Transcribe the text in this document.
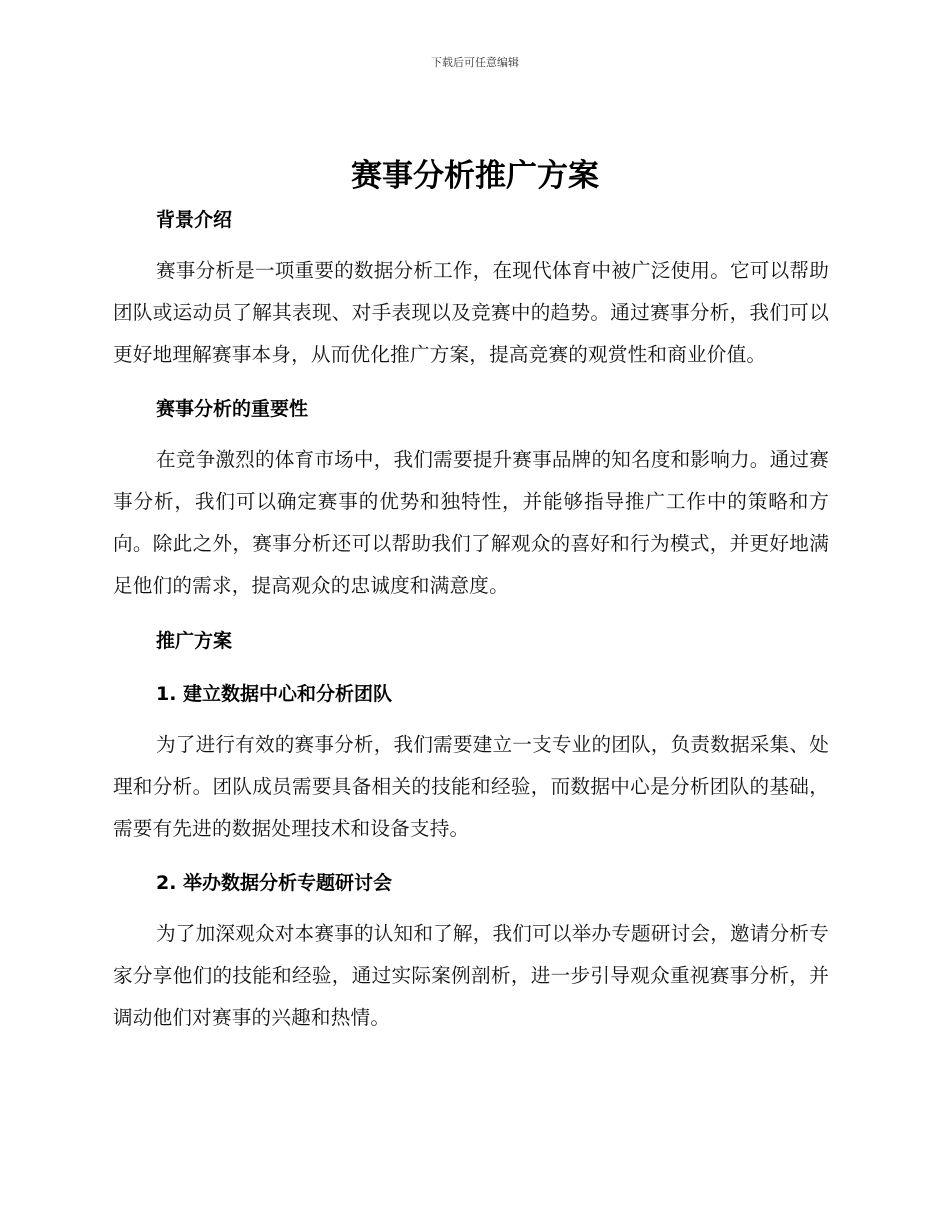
下载后可任意编辑
赛事分析推广方案
背景介绍

赛事分析是一项重要的数据分析工作，在现代体育中被广泛使用。它可以帮助团队或运动员了解其表现、对手表现以及竞赛中的趋势。通过赛事分析，我们可以更好地理解赛事本身，从而优化推广方案，提高竞赛的观赏性和商业价值。

赛事分析的重要性

在竞争激烈的体育市场中，我们需要提升赛事品牌的知名度和影响力。通过赛事分析，我们可以确定赛事的优势和独特性，并能够指导推广工作中的策略和方向。除此之外，赛事分析还可以帮助我们了解观众的喜好和行为模式，并更好地满足他们的需求，提高观众的忠诚度和满意度。

推广方案
1. 建立数据中心和分析团队

为了进行有效的赛事分析，我们需要建立一支专业的团队，负责数据采集、处理和分析。团队成员需要具备相关的技能和经验，而数据中心是分析团队的基础，需要有先进的数据处理技术和设备支持。

2. 举办数据分析专题研讨会

为了加深观众对本赛事的认知和了解，我们可以举办专题研讨会，邀请分析专家分享他们的技能和经验，通过实际案例剖析，进一步引导观众重视赛事分析，并调动他们对赛事的兴趣和热情。
